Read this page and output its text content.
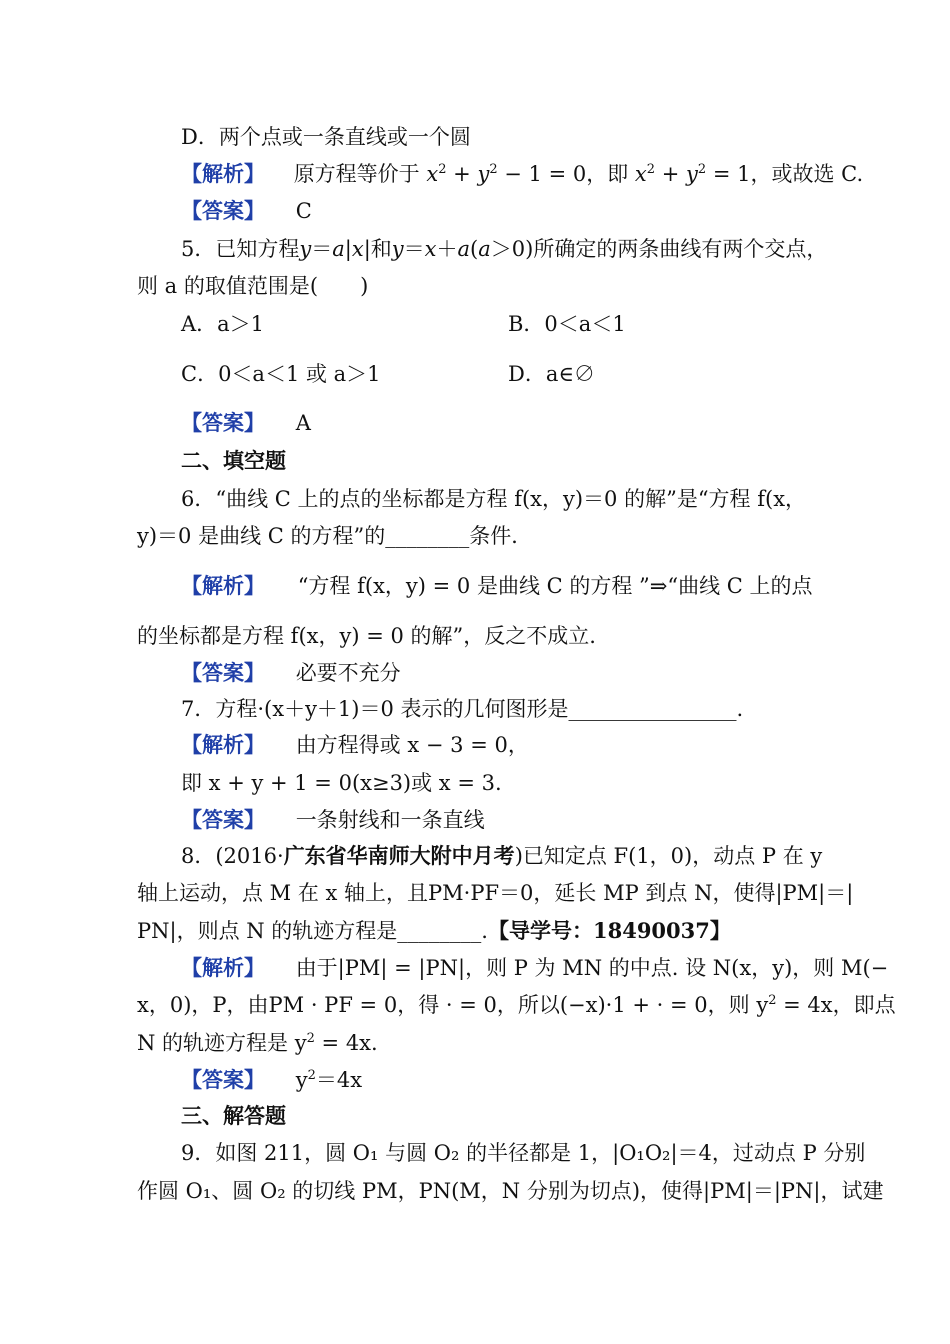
D．两个点或一条直线或一个圆
【解析】 原方程等价于 $x^2 + y^2 - 1 = 0$，即 $x^2 + y^2 = 1$，或故选 C.
【答案】 C
5．已知方程y＝a|x|和y＝x＋a(a＞0)所确定的两条曲线有两个交点，
则 a 的取值范围是(　　)
A．a＞1	B．0＜a＜1
C．0＜a＜1 或 a＞1	D．a∈∅
【答案】 A
二、填空题
6．“曲线 C 上的点的坐标都是方程 f(x，y)＝0 的解”是“方程 f(x，
y)＝0 是曲线 C 的方程”的________条件．
【解析】 “方程 f(x，y) = 0 是曲线 C 的方程 ”⇒“曲线 C 上的点
的坐标都是方程 f(x，y) = 0 的解”，反之不成立.
【答案】 必要不充分
7．方程·(x＋y＋1)＝0 表示的几何图形是________________.
【解析】 由方程得或 x − 3 = 0，
即 x + y + 1 = 0(x≥3)或 x = 3.
【答案】 一条射线和一条直线
8．(2016·广东省华南师大附中月考)已知定点 F(1，0)，动点 P 在 y
轴上运动，点 M 在 x 轴上，且PM·PF＝0，延长 MP 到点 N，使得|PM|＝|
PN|，则点 N 的轨迹方程是________.【导学号：18490037】
【解析】 由于|PM| = |PN|，则 P 为 MN 的中点. 设 N(x，y)，则 M(−
x，0)，P，由PM · PF = 0，得 · = 0，所以(−x)·1 + · = 0，则 $y^2 = 4x$，即点
N 的轨迹方程是 $y^2 = 4x$.
【答案】 $y^2=4x$
三、解答题
9．如图 211，圆 O₁ 与圆 O₂ 的半径都是 1，|O₁O₂|＝4，过动点 P 分别
作圆 O₁、圆 O₂ 的切线 PM，PN(M，N 分别为切点)，使得|PM|＝|PN|，试建
